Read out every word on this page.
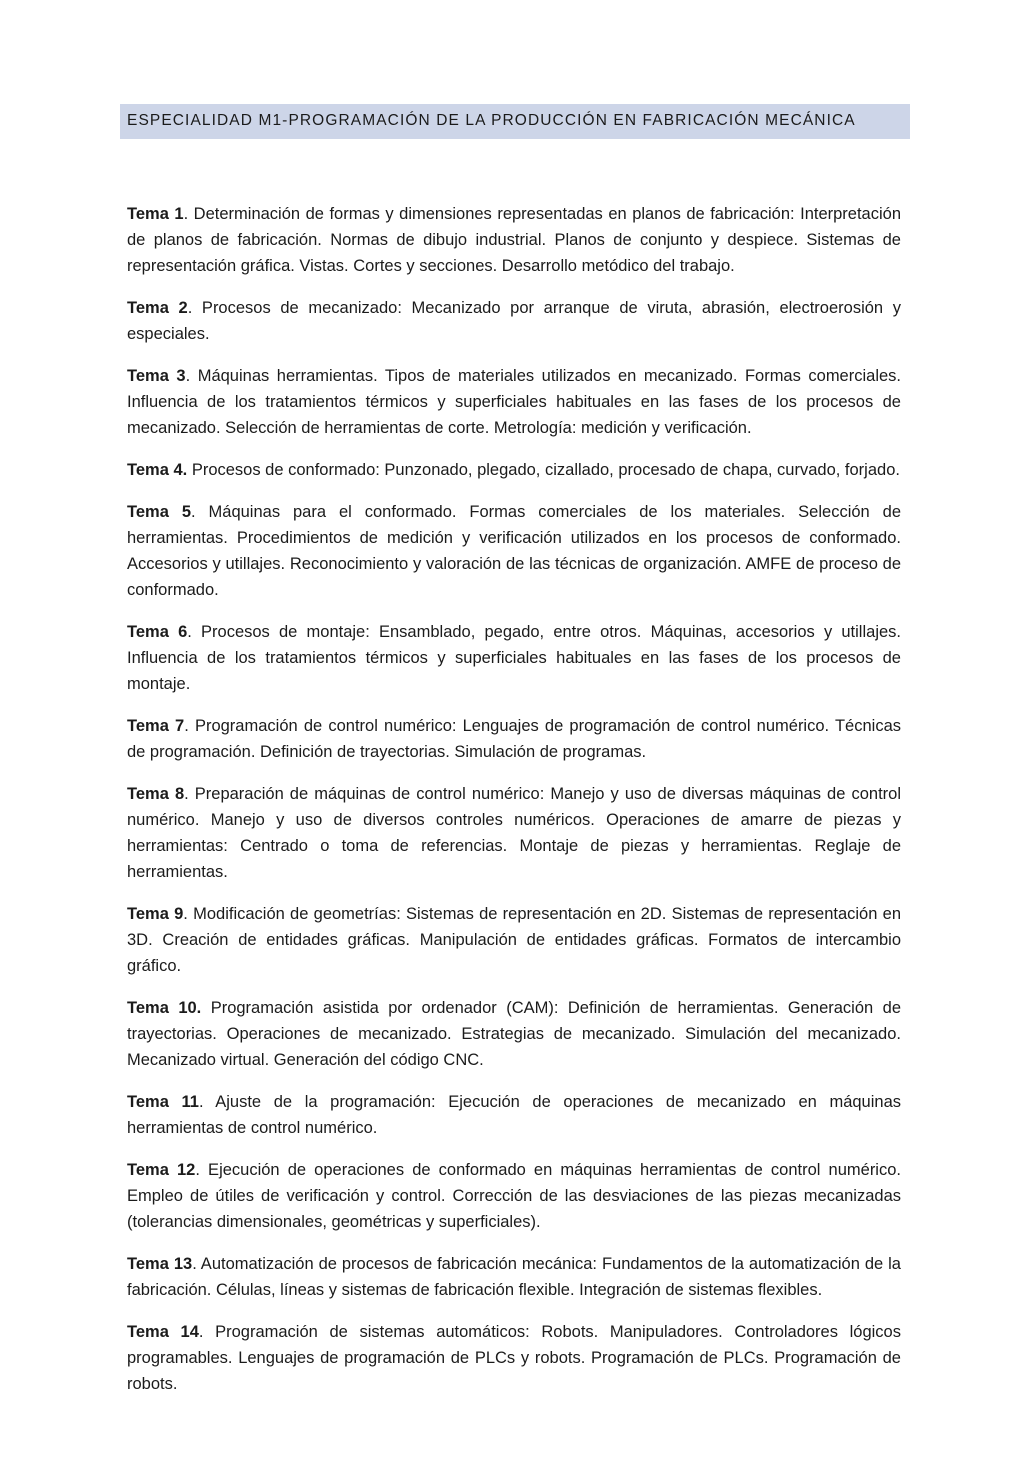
ESPECIALIDAD M1-PROGRAMACIÓN DE LA PRODUCCIÓN EN FABRICACIÓN MECÁNICA

Tema 1. Determinación de formas y dimensiones representadas en planos de fabricación: Interpretación de planos de fabricación. Normas de dibujo industrial. Planos de conjunto y despiece. Sistemas de representación gráfica. Vistas. Cortes y secciones. Desarrollo metódico del trabajo.

Tema 2. Procesos de mecanizado: Mecanizado por arranque de viruta, abrasión, electroerosión y especiales.

Tema 3. Máquinas herramientas. Tipos de materiales utilizados en mecanizado. Formas comerciales. Influencia de los tratamientos térmicos y superficiales habituales en las fases de los procesos de mecanizado. Selección de herramientas de corte. Metrología: medición y verificación.

Tema 4. Procesos de conformado: Punzonado, plegado, cizallado, procesado de chapa, curvado, forjado.

Tema 5. Máquinas para el conformado. Formas comerciales de los materiales. Selección de herramientas. Procedimientos de medición y verificación utilizados en los procesos de conformado. Accesorios y utillajes. Reconocimiento y valoración de las técnicas de organización. AMFE de proceso de conformado.

Tema 6. Procesos de montaje: Ensamblado, pegado, entre otros. Máquinas, accesorios y utillajes. Influencia de los tratamientos térmicos y superficiales habituales en las fases de los procesos de montaje.

Tema 7. Programación de control numérico: Lenguajes de programación de control numérico. Técnicas de programación. Definición de trayectorias. Simulación de programas.

Tema 8. Preparación de máquinas de control numérico: Manejo y uso de diversas máquinas de control numérico. Manejo y uso de diversos controles numéricos. Operaciones de amarre de piezas y herramientas: Centrado o toma de referencias. Montaje de piezas y herramientas. Reglaje de herramientas.

Tema 9. Modificación de geometrías: Sistemas de representación en 2D. Sistemas de representación en 3D. Creación de entidades gráficas. Manipulación de entidades gráficas. Formatos de intercambio gráfico.

Tema 10. Programación asistida por ordenador (CAM): Definición de herramientas. Generación de trayectorias. Operaciones de mecanizado. Estrategias de mecanizado. Simulación del mecanizado. Mecanizado virtual. Generación del código CNC.

Tema 11. Ajuste de la programación: Ejecución de operaciones de mecanizado en máquinas herramientas de control numérico.

Tema 12. Ejecución de operaciones de conformado en máquinas herramientas de control numérico. Empleo de útiles de verificación y control. Corrección de las desviaciones de las piezas mecanizadas (tolerancias dimensionales, geométricas y superficiales).

Tema 13. Automatización de procesos de fabricación mecánica: Fundamentos de la automatización de la fabricación. Células, líneas y sistemas de fabricación flexible. Integración de sistemas flexibles.

Tema 14. Programación de sistemas automáticos: Robots. Manipuladores. Controladores lógicos programables. Lenguajes de programación de PLCs y robots. Programación de PLCs. Programación de robots.
